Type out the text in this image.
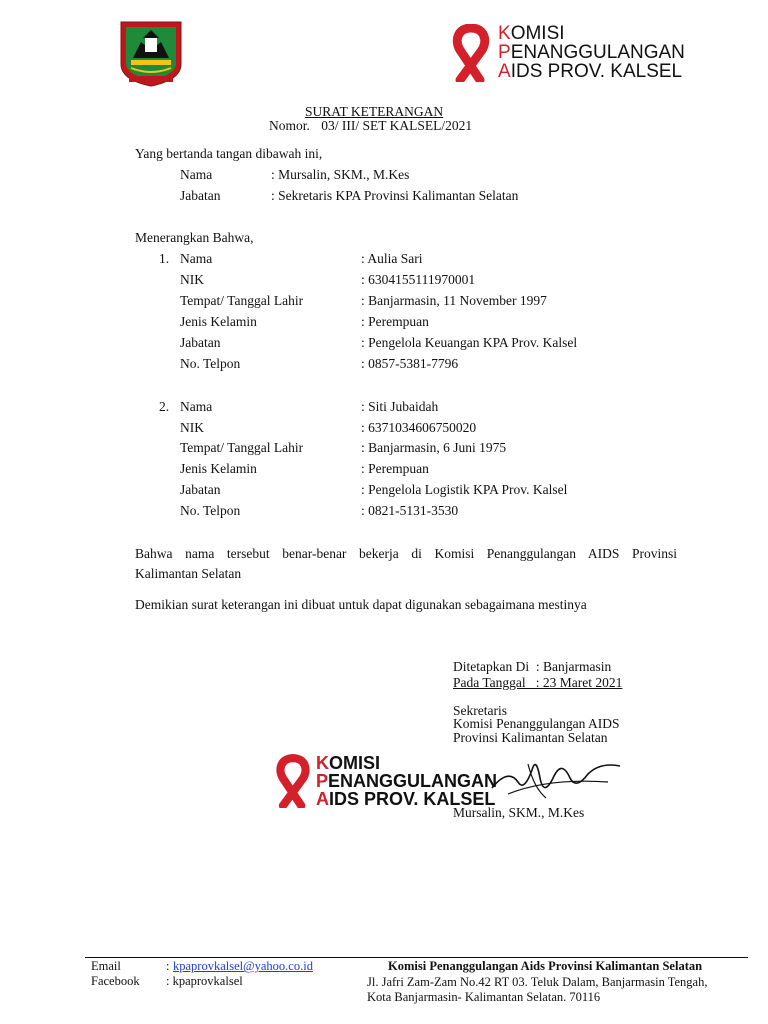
KOMISI
PENANGGULANGAN
AIDS PROV. KALSEL
SURAT KETERANGAN
Nomor. 03/ III/ SET KALSEL/2021
Yang bertanda tangan dibawah ini,
Nama	: Mursalin, SKM., M.Kes
Jabatan	: Sekretaris KPA Provinsi Kalimantan Selatan
Menerangkan Bahwa,
1. Nama	: Aulia Sari
NIK	: 6304155111970001
Tempat/ Tanggal Lahir	: Banjarmasin, 11 November 1997
Jenis Kelamin	: Perempuan
Jabatan	: Pengelola Keuangan KPA Prov. Kalsel
No. Telpon	: 0857-5381-7796
2. Nama	: Siti Jubaidah
NIK	: 6371034606750020
Tempat/ Tanggal Lahir	: Banjarmasin, 6 Juni 1975
Jenis Kelamin	: Perempuan
Jabatan	: Pengelola Logistik KPA Prov. Kalsel
No. Telpon	: 0821-5131-3530
Bahwa nama tersebut benar-benar bekerja di Komisi Penanggulangan AIDS Provinsi
Kalimantan Selatan
Demikian surat keterangan ini dibuat untuk dapat digunakan sebagaimana mestinya
Ditetapkan Di  : Banjarmasin
Pada Tanggal   : 23 Maret 2021
Sekretaris
Komisi Penanggulangan AIDS
Provinsi Kalimantan Selatan
KOMISI
PENANGGULANGAN
AIDS PROV. KALSEL
Mursalin, SKM., M.Kes
Email	: kpaprovkalsel@yahoo.co.id
Facebook : kpaprovkalsel
Komisi Penanggulangan Aids Provinsi Kalimantan Selatan
Jl. Jafri Zam-Zam No.42 RT 03. Teluk Dalam, Banjarmasin Tengah,
Kota Banjarmasin- Kalimantan Selatan. 70116
